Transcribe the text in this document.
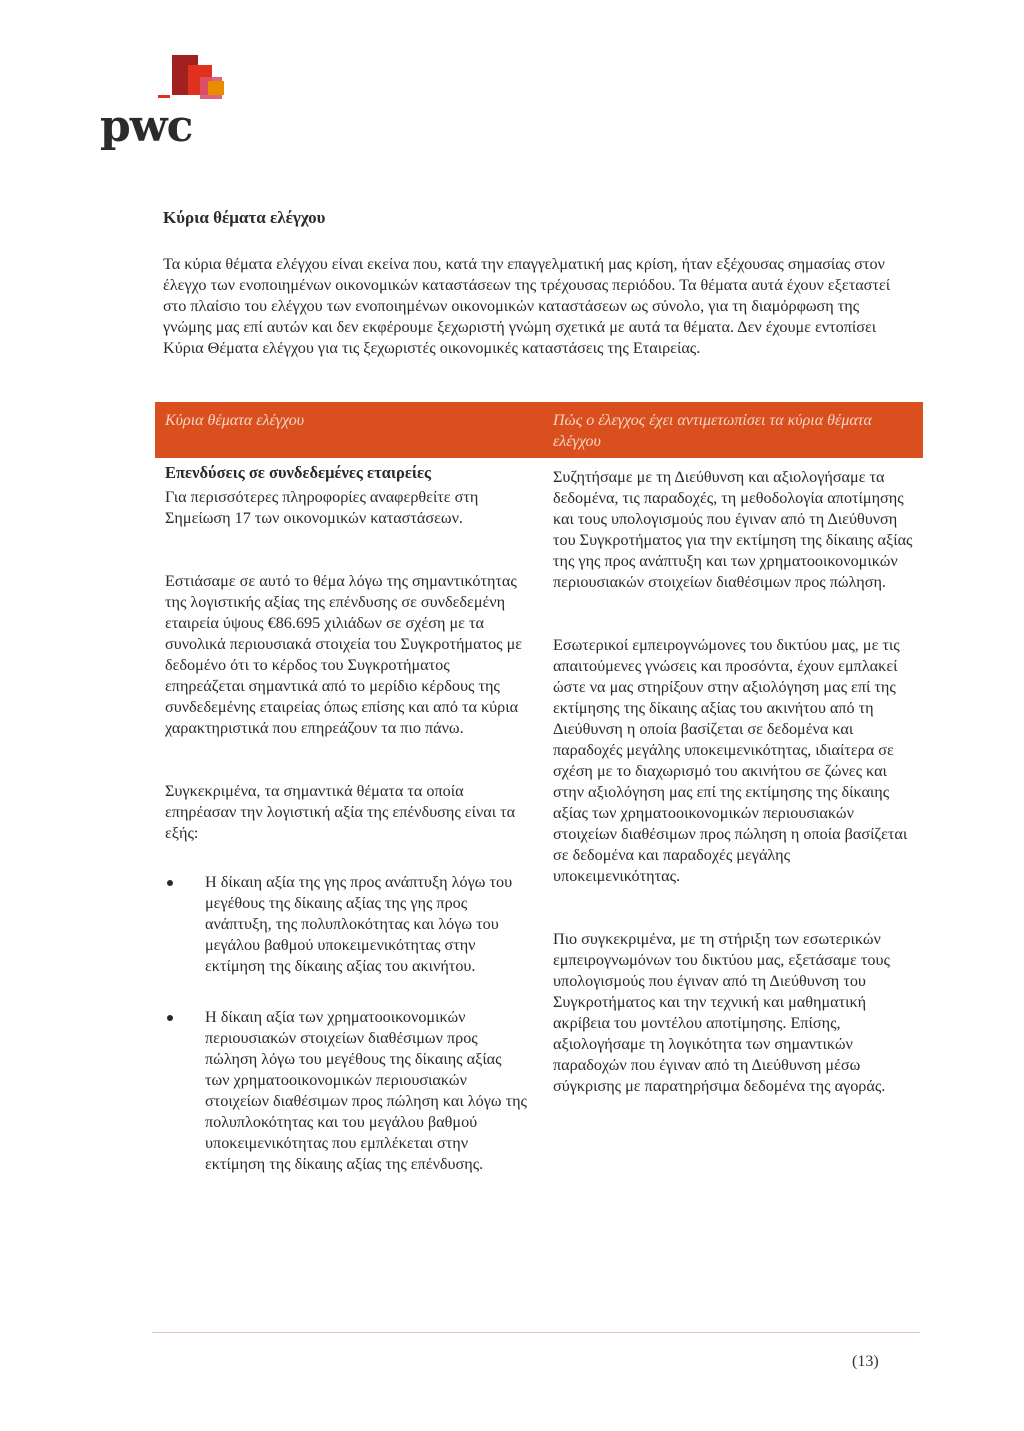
pwc
Κύρια θέματα ελέγχου

Τα κύρια θέματα ελέγχου είναι εκείνα που, κατά την επαγγελματική μας κρίση, ήταν εξέχουσας σημασίας στον έλεγχο των ενοποιημένων οικονομικών καταστάσεων της τρέχουσας περιόδου. Τα θέματα αυτά έχουν εξεταστεί στο πλαίσιο του ελέγχου των ενοποιημένων οικονομικών καταστάσεων ως σύνολο, για τη διαμόρφωση της γνώμης μας επί αυτών και δεν εκφέρουμε ξεχωριστή γνώμη σχετικά με αυτά τα θέματα. Δεν έχουμε εντοπίσει Κύρια Θέματα ελέγχου για τις ξεχωριστές οικονομικές καταστάσεις της Εταιρείας.

Κύρια θέματα ελέγχου	Πώς ο έλεγχος έχει αντιμετωπίσει τα κύρια θέματα ελέγχου

Επενδύσεις σε συνδεδεμένες εταιρείες

Για περισσότερες πληροφορίες αναφερθείτε στη Σημείωση 17 των οικονομικών καταστάσεων.

Εστιάσαμε σε αυτό το θέμα λόγω της σημαντικότητας της λογιστικής αξίας της επένδυσης σε συνδεδεμένη εταιρεία ύψους €86.695 χιλιάδων σε σχέση με τα συνολικά περιουσιακά στοιχεία του Συγκροτήματος με δεδομένο ότι το κέρδος του Συγκροτήματος επηρεάζεται σημαντικά από το μερίδιο κέρδους της συνδεδεμένης εταιρείας όπως επίσης και από τα κύρια χαρακτηριστικά που επηρεάζουν τα πιο πάνω.

Συγκεκριμένα, τα σημαντικά θέματα τα οποία επηρέασαν την λογιστική αξία της επένδυσης είναι τα εξής:

Η δίκαιη αξία της γης προς ανάπτυξη λόγω του μεγέθους της δίκαιης αξίας της γης προς ανάπτυξη, της πολυπλοκότητας και λόγω του μεγάλου βαθμού υποκειμενικότητας στην εκτίμηση της δίκαιης αξίας του ακινήτου.
Η δίκαιη αξία των χρηματοοικονομικών περιουσιακών στοιχείων διαθέσιμων προς πώληση λόγω του μεγέθους της δίκαιης αξίας των χρηματοοικονομικών περιουσιακών στοιχείων διαθέσιμων προς πώληση και λόγω της πολυπλοκότητας και του μεγάλου βαθμού υποκειμενικότητας που εμπλέκεται στην εκτίμηση της δίκαιης αξίας της επένδυσης.

Συζητήσαμε με τη Διεύθυνση και αξιολογήσαμε τα δεδομένα, τις παραδοχές, τη μεθοδολογία αποτίμησης και τους υπολογισμούς που έγιναν από τη Διεύθυνση του Συγκροτήματος για την εκτίμηση της δίκαιης αξίας της γης προς ανάπτυξη και των χρηματοοικονομικών περιουσιακών στοιχείων διαθέσιμων προς πώληση.

Εσωτερικοί εμπειρογνώμονες του δικτύου μας, με τις απαιτούμενες γνώσεις και προσόντα, έχουν εμπλακεί ώστε να μας στηρίξουν στην αξιολόγηση μας επί της εκτίμησης της δίκαιης αξίας του ακινήτου από τη Διεύθυνση η οποία βασίζεται σε δεδομένα και παραδοχές μεγάλης υποκειμενικότητας, ιδιαίτερα σε σχέση με το διαχωρισμό του ακινήτου σε ζώνες και στην αξιολόγηση μας επί της εκτίμησης της δίκαιης αξίας των χρηματοοικονομικών περιουσιακών στοιχείων διαθέσιμων προς πώληση η οποία βασίζεται σε δεδομένα και παραδοχές μεγάλης υποκειμενικότητας.

Πιο συγκεκριμένα, με τη στήριξη των εσωτερικών εμπειρογνωμόνων του δικτύου μας, εξετάσαμε τους υπολογισμούς που έγιναν από τη Διεύθυνση του Συγκροτήματος και την τεχνική και μαθηματική ακρίβεια του μοντέλου αποτίμησης. Επίσης, αξιολογήσαμε τη λογικότητα των σημαντικών παραδοχών που έγιναν από τη Διεύθυνση μέσω σύγκρισης με παρατηρήσιμα δεδομένα της αγοράς.

(13)
